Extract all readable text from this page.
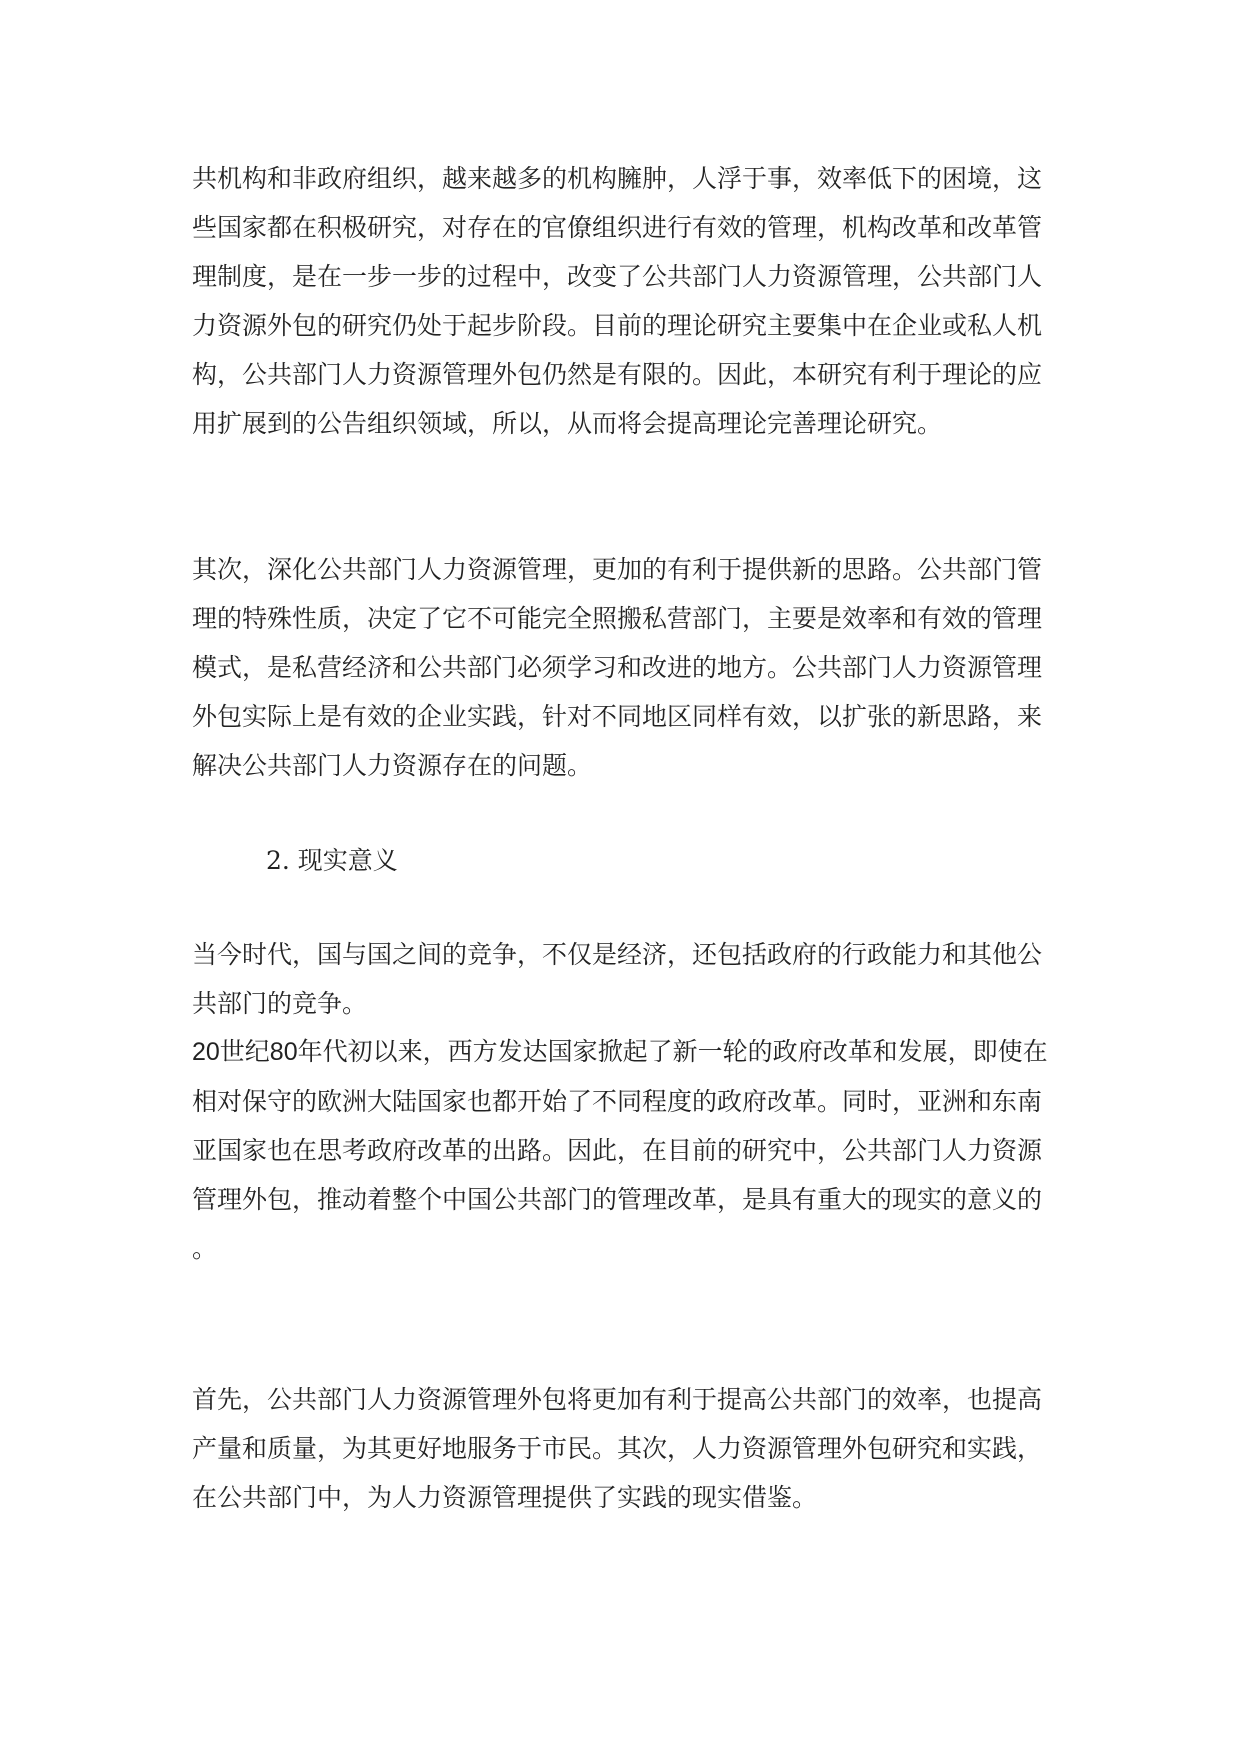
共机构和非政府组织，越来越多的机构臃肿，人浮于事，效率低下的困境，这
些国家都在积极研究，对存在的官僚组织进行有效的管理，机构改革和改革管
理制度，是在一步一步的过程中，改变了公共部门人力资源管理，公共部门人
力资源外包的研究仍处于起步阶段。目前的理论研究主要集中在企业或私人机
构，公共部门人力资源管理外包仍然是有限的。因此，本研究有利于理论的应
用扩展到的公告组织领域，所以，从而将会提高理论完善理论研究。
其次，深化公共部门人力资源管理，更加的有利于提供新的思路。公共部门管
理的特殊性质，决定了它不可能完全照搬私营部门，主要是效率和有效的管理
模式，是私营经济和公共部门必须学习和改进的地方。公共部门人力资源管理
外包实际上是有效的企业实践，针对不同地区同样有效，以扩张的新思路，来
解决公共部门人力资源存在的问题。
2. 现实意义
当今时代，国与国之间的竞争，不仅是经济，还包括政府的行政能力和其他公
共部门的竞争。
20世纪80年代初以来，西方发达国家掀起了新一轮的政府改革和发展，即使在
相对保守的欧洲大陆国家也都开始了不同程度的政府改革。同时，亚洲和东南
亚国家也在思考政府改革的出路。因此，在目前的研究中，公共部门人力资源
管理外包，推动着整个中国公共部门的管理改革，是具有重大的现实的意义的
。
首先，公共部门人力资源管理外包将更加有利于提高公共部门的效率，也提高
产量和质量，为其更好地服务于市民。其次，人力资源管理外包研究和实践，
在公共部门中，为人力资源管理提供了实践的现实借鉴。
